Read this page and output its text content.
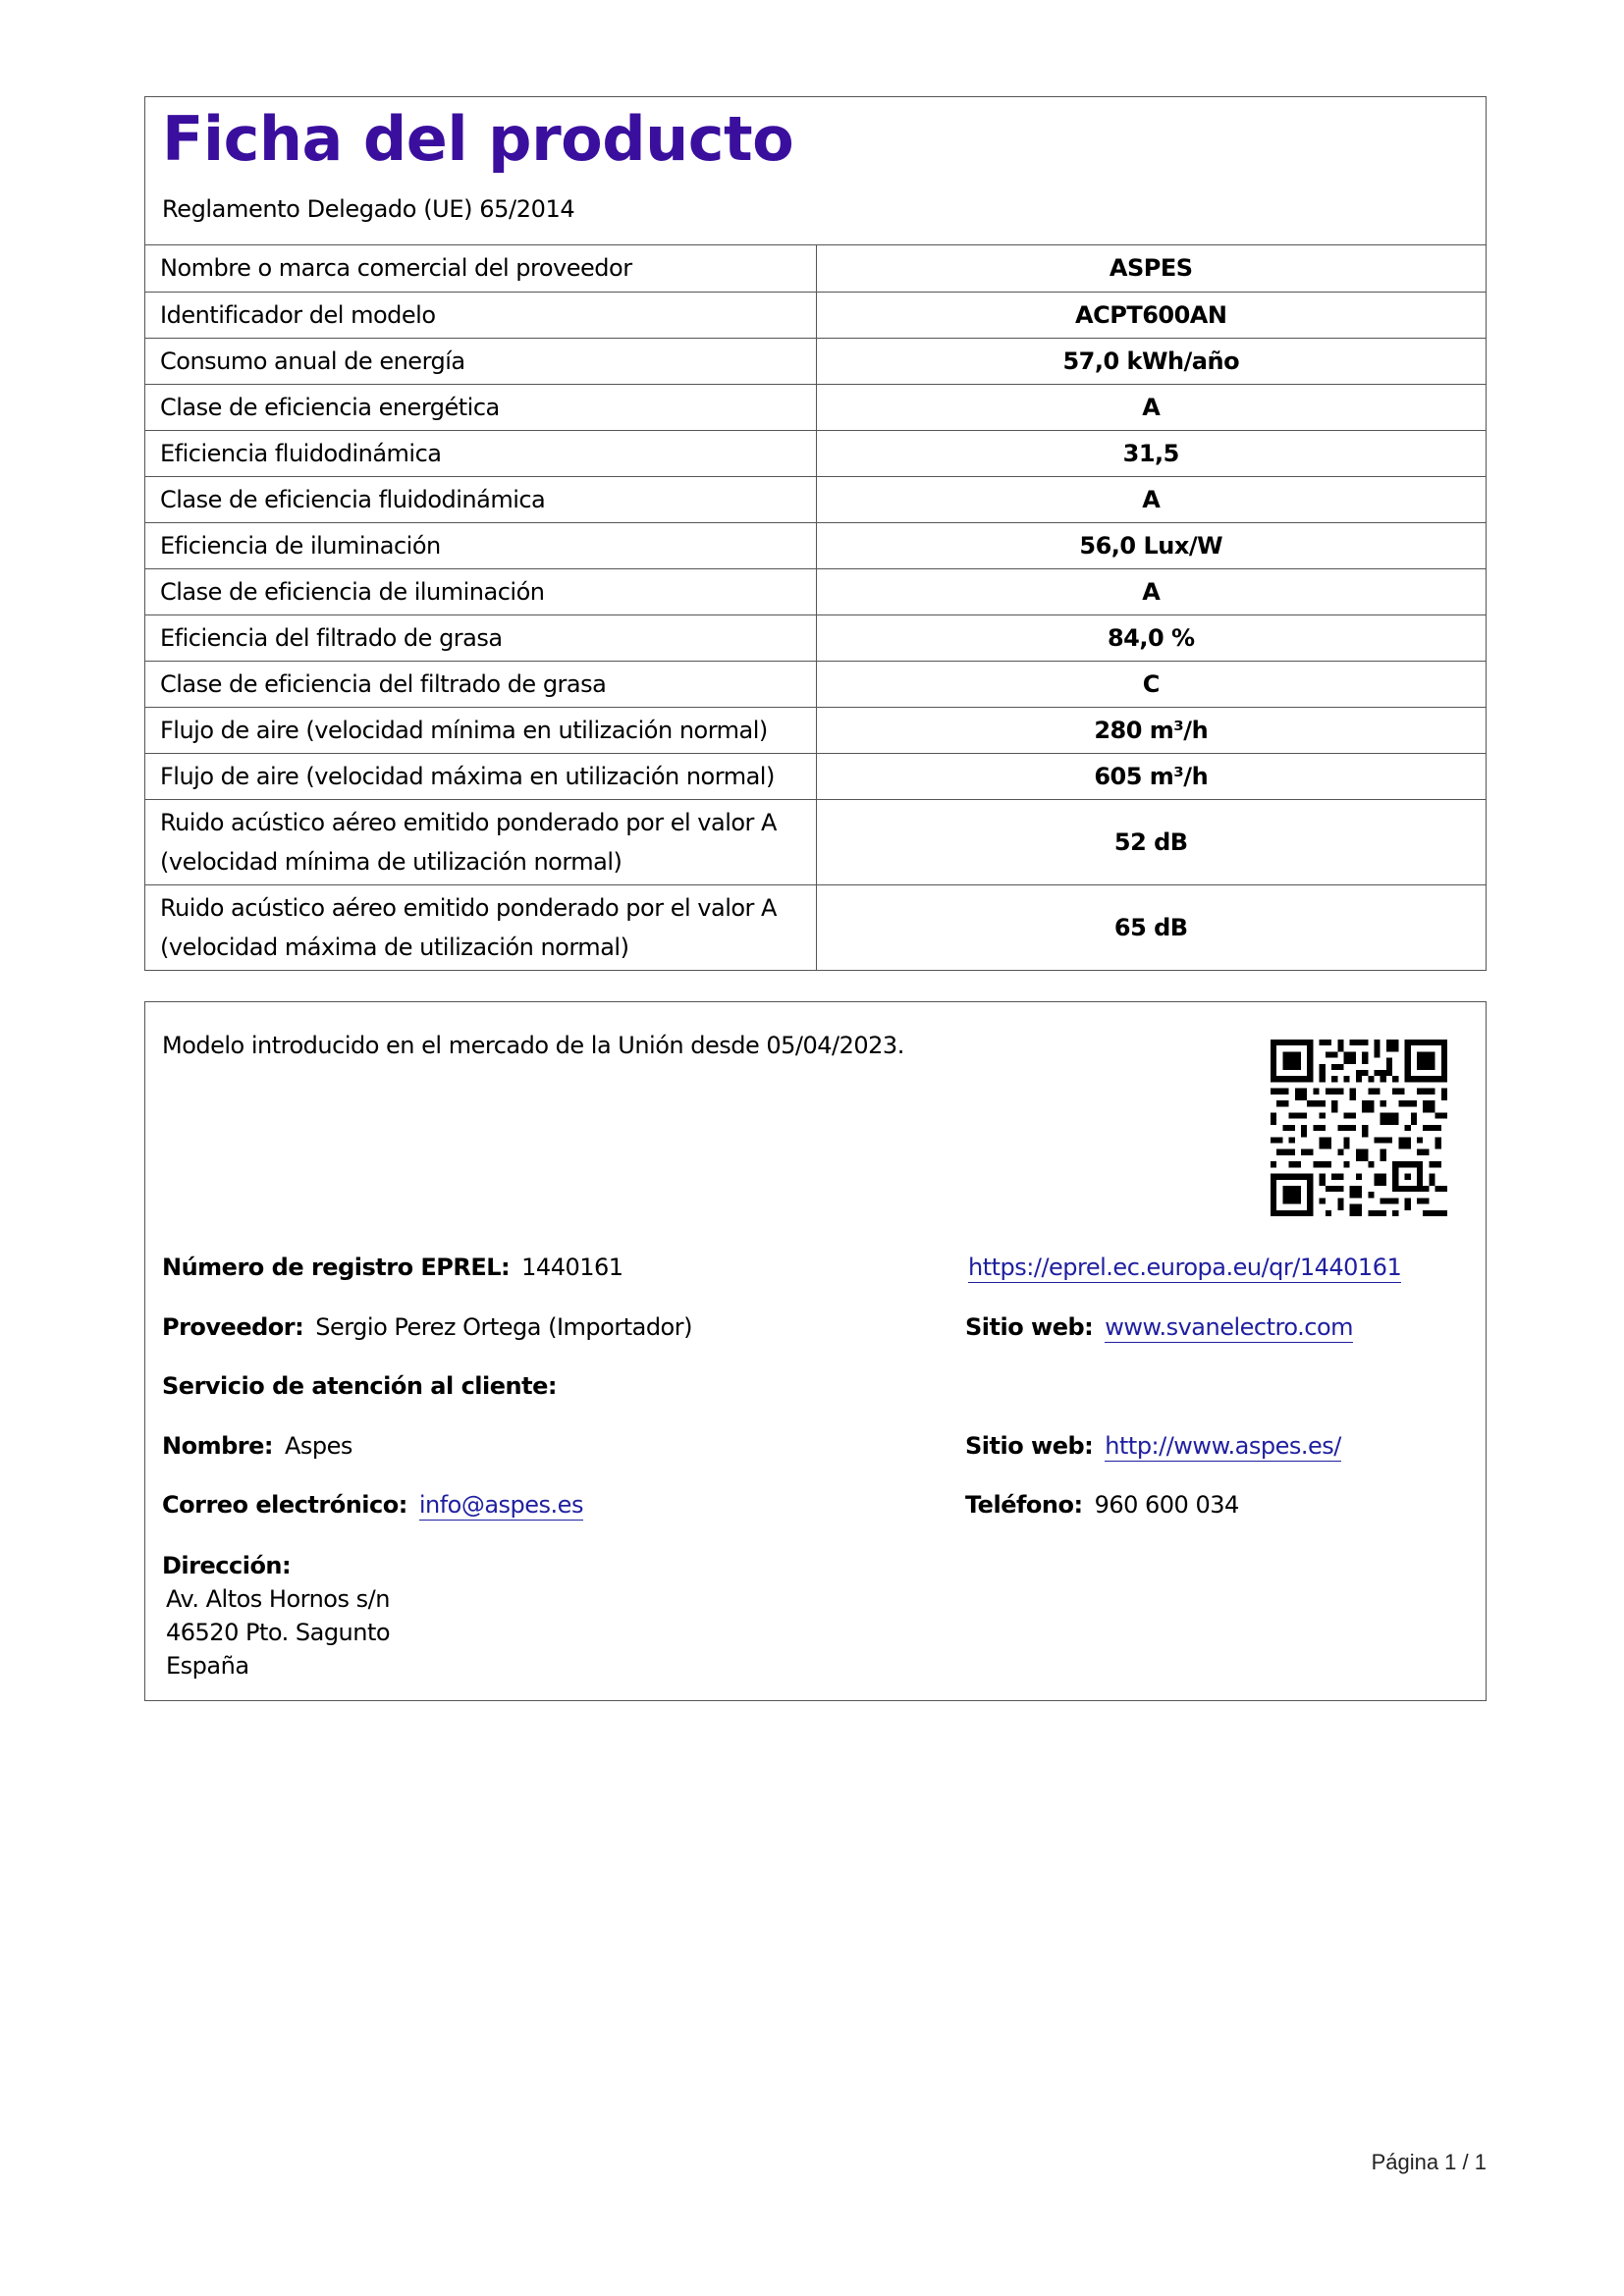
Ficha del producto
Reglamento Delegado (UE) 65/2014
Nombre o marca comercial del proveedor	ASPES
Identificador del modelo	ACPT600AN
Consumo anual de energía	57,0 kWh/año
Clase de eficiencia energética	A
Eficiencia fluidodinámica	31,5
Clase de eficiencia fluidodinámica	A
Eficiencia de iluminación	56,0 Lux/W
Clase de eficiencia de iluminación	A
Eficiencia del filtrado de grasa	84,0 %
Clase de eficiencia del filtrado de grasa	C
Flujo de aire (velocidad mínima en utilización normal)	280 m³/h
Flujo de aire (velocidad máxima en utilización normal)	605 m³/h

Ruido acústico aéreo emitido ponderado por el valor A
(velocidad mínima de utilización normal)	52 dB

Ruido acústico aéreo emitido ponderado por el valor A
(velocidad máxima de utilización normal)	65 dB
Modelo introducido en el mercado de la Unión desde 05/04/2023.
Número de registro EPREL: 1440161	https://eprel.ec.europa.eu/qr/1440161
Proveedor: Sergio Perez Ortega (Importador)	Sitio web: www.svanelectro.com
Servicio de atención al cliente:
Nombre: Aspes	Sitio web: http://www.aspes.es/
Correo electrónico: info@aspes.es	Teléfono: 960 600 034
Dirección:
Av. Altos Hornos s/n
46520 Pto. Sagunto
España
Página 1 / 1
